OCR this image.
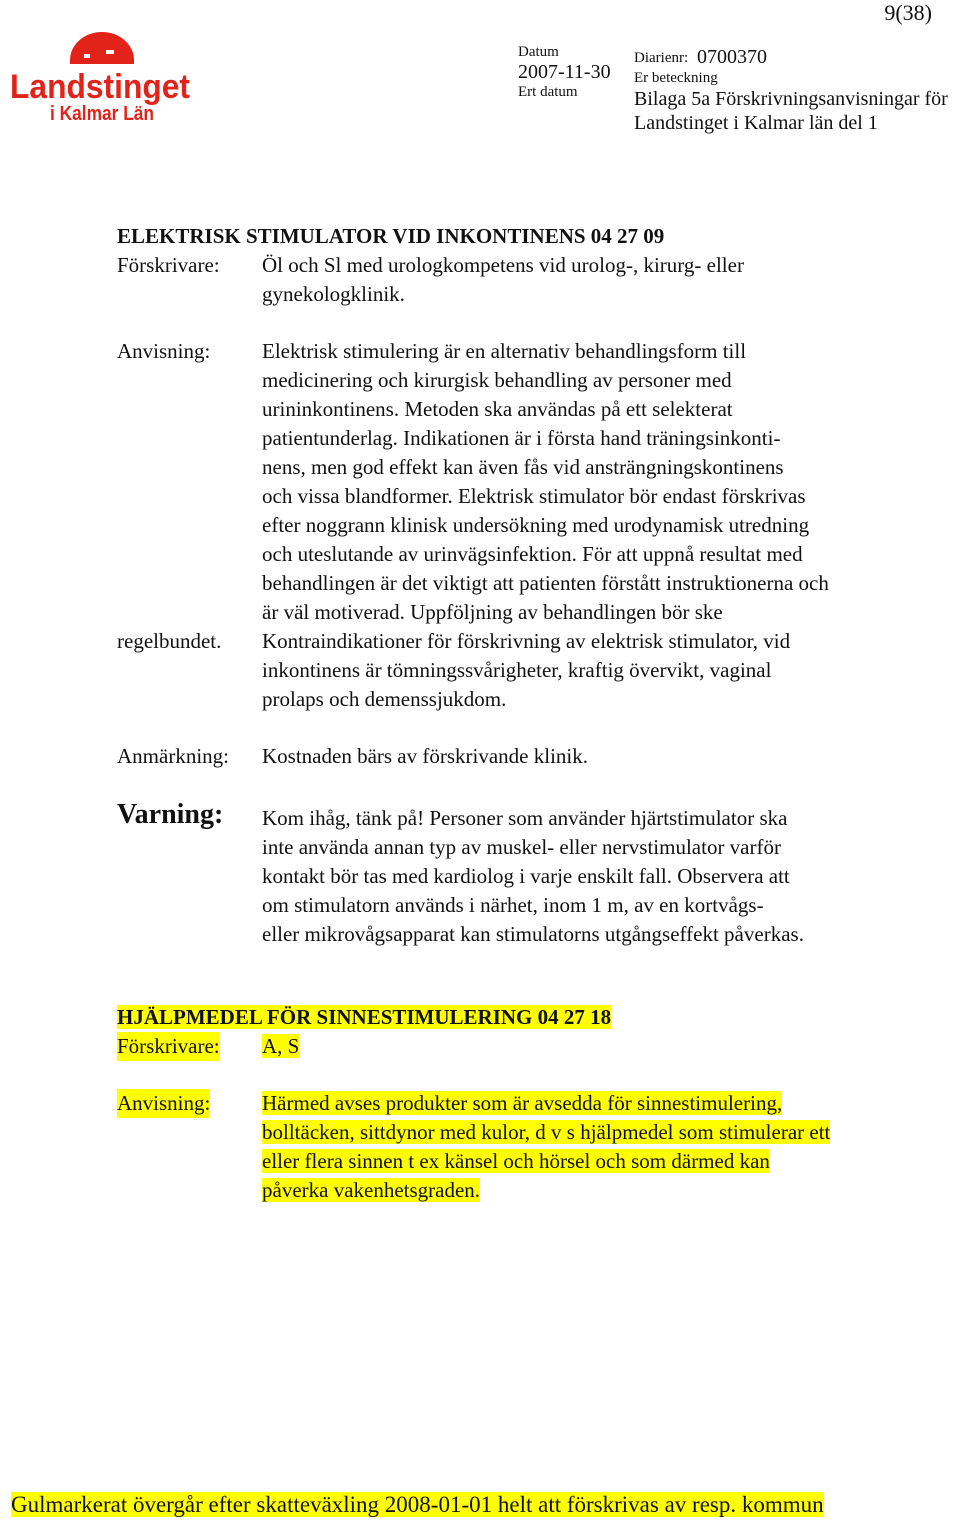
Landstinget
i Kalmar Län
9(38)
Datum
2007-11-30
Ert datum
Diarienr: 0700370
Er beteckning
Bilaga 5a Förskrivningsanvisningar för
Landstinget i Kalmar län del 1
ELEKTRISK STIMULATOR VID INKONTINENS 04 27 09
Förskrivare: Öl och Sl med urologkompetens vid urolog-, kirurg- eller
gynekologklinik.
Anvisning:
regelbundet.
Elektrisk stimulering är en alternativ behandlingsform till
medicinering och kirurgisk behandling av personer med
urininkontinens. Metoden ska användas på ett selekterat
patientunderlag. Indikationen är i första hand träningsinkonti-
nens, men god effekt kan även fås vid ansträngningskontinens
och vissa blandformer. Elektrisk stimulator bör endast förskrivas
efter noggrann klinisk undersökning med urodynamisk utredning
och uteslutande av urinvägsinfektion. För att uppnå resultat med
behandlingen är det viktigt att patienten förstått instruktionerna och
är väl motiverad. Uppföljning av behandlingen bör ske
Kontraindikationer för förskrivning av elektrisk stimulator, vid
inkontinens är tömningssvårigheter, kraftig övervikt, vaginal
prolaps och demenssjukdom.
Anmärkning: Kostnaden bärs av förskrivande klinik.
Varning: Kom ihåg, tänk på! Personer som använder hjärtstimulator ska
inte använda annan typ av muskel- eller nervstimulator varför
kontakt bör tas med kardiolog i varje enskilt fall. Observera att
om stimulatorn används i närhet, inom 1 m, av en kortvågs-
eller mikrovågsapparat kan stimulatorns utgångseffekt påverkas.
HJÄLPMEDEL FÖR SINNESTIMULERING 04 27 18
Förskrivare: A, S
Anvisning: Härmed avses produkter som är avsedda för sinnestimulering,
bolltäcken, sittdynor med kulor, d v s hjälpmedel som stimulerar ett
eller flera sinnen t ex känsel och hörsel och som därmed kan
påverka vakenhetsgraden.
Gulmarkerat övergår efter skatteväxling 2008-01-01 helt att förskrivas av resp. kommun
